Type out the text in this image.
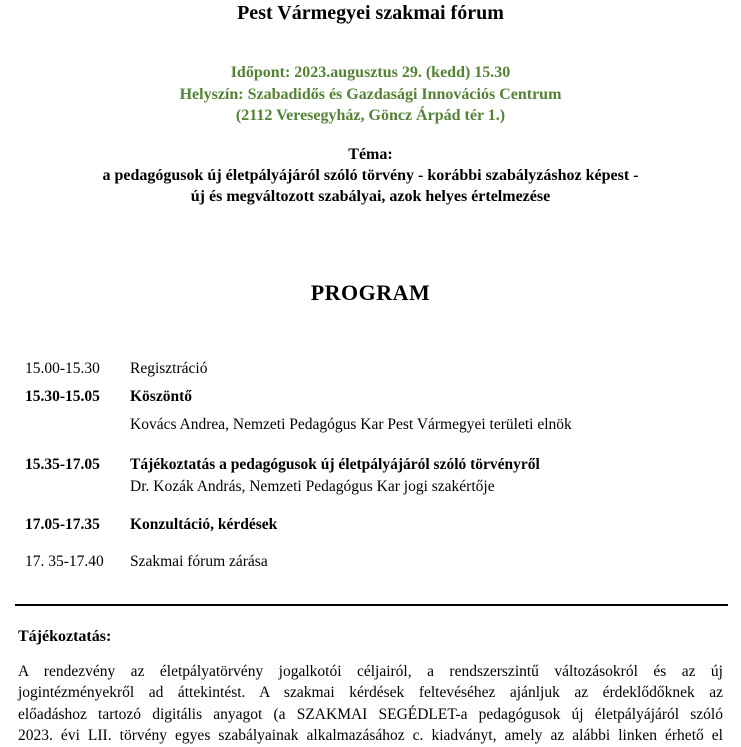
Pest Vármegyei szakmai fórum
Időpont: 2023.augusztus 29. (kedd) 15.30
Helyszín: Szabadidős és Gazdasági Innovációs Centrum
(2112 Veresegyház, Göncz Árpád tér 1.)
Téma:
a pedagógusok új életpályájáról szóló törvény - korábbi szabályzáshoz képest -
új és megváltozott szabályai, azok helyes értelmezése
PROGRAM
15.00-15.30	Regisztráció
15.30-15.05	Köszöntő
Kovács Andrea, Nemzeti Pedagógus Kar Pest Vármegyei területi elnök
15.35-17.05	Tájékoztatás a pedagógusok új életpályájáról szóló törvényről
Dr. Kozák András, Nemzeti Pedagógus Kar jogi szakértője
17.05-17.35	Konzultáció, kérdések
17. 35-17.40	Szakmai fórum zárása
Tájékoztatás:
A rendezvény az életpályatörvény jogalkotói céljairól, a rendszerszintű változásokról és az új
jogintézményekről ad áttekintést. A szakmai kérdések feltevéséhez ajánljuk az érdeklődőknek az
előadáshoz tartozó digitális anyagot (a SZAKMAI SEGÉDLET-a pedagógusok új életpályájáról szóló
2023. évi LII. törvény egyes szabályainak alkalmazásához c. kiadványt, amely az alábbi linken érhető el
